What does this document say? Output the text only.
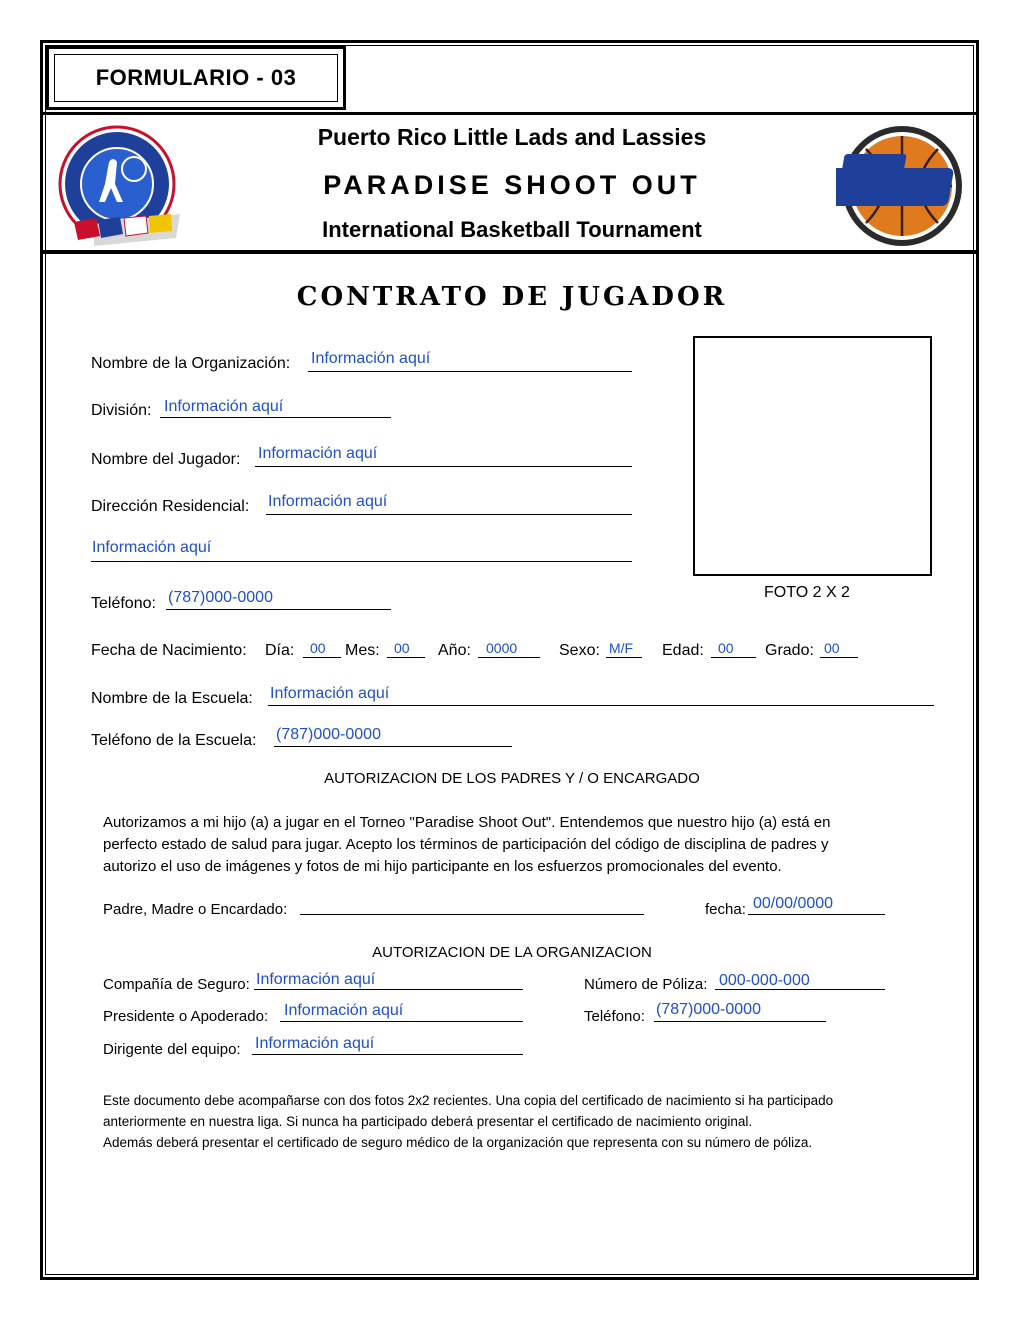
FORMULARIO - 03
Puerto Rico Little Lads and Lassies
PARADISE SHOOT OUT
International Basketball Tournament
CONTRATO DE JUGADOR
FOTO 2 X 2
Nombre de la Organización: Información aquí
División: Información aquí
Nombre del Jugador: Información aquí
Dirección Residencial: Información aquí
Información aquí
Teléfono: (787)000-0000
Fecha de Nacimiento: Día: 00 Mes: 00 Año: 0000	Sexo: M/F Edad: 00 Grado: 00
Nombre de la Escuela: Información aquí
Teléfono de la Escuela: (787)000-0000
AUTORIZACION DE LOS PADRES Y / O ENCARGADO
Autorizamos a mi hijo (a) a jugar en el Torneo "Paradise Shoot Out". Entendemos que nuestro hijo (a) está en
perfecto estado de salud para jugar. Acepto los términos de participación del código de disciplina de padres y
autorizo el uso de imágenes y fotos de mi hijo participante en los esfuerzos promocionales del evento.
Padre, Madre o Encardado:	fecha: 00/00/0000
AUTORIZACION DE LA ORGANIZACION
Compañía de Seguro: Información aquí	Número de Póliza: 000-000-000
Presidente o Apoderado: Información aquí	Teléfono: (787)000-0000
Dirigente del equipo: Información aquí
Este documento debe acompañarse con dos fotos 2x2 recientes. Una copia del certificado de nacimiento si ha participado
anteriormente en nuestra liga. Si nunca ha participado deberá presentar el certificado de nacimiento original.
Además deberá presentar el certificado de seguro médico de la organización que representa con su número de póliza.
